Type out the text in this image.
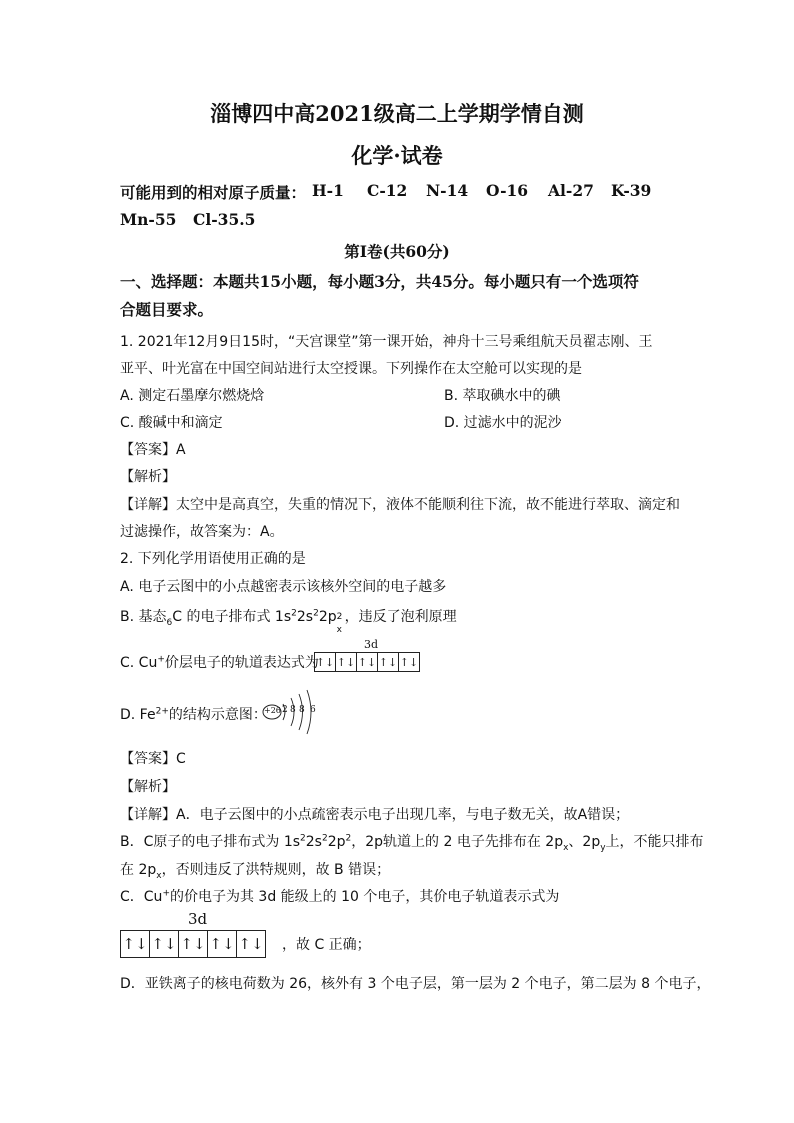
淄博四中高2021级高二上学期学情自测
化学·试卷
可能用到的相对原子质量： H-1 C-12 N-14 O-16 Al-27 K-39
Mn-55 Cl-35.5
第I卷(共60分)
一、选择题：本题共15小题，每小题3分，共45分。每小题只有一个选项符
合题目要求。
1. 2021年12月9日15时，“天宫课堂”第一课开始，神舟十三号乘组航天员翟志刚、王
亚平、叶光富在中国空间站进行太空授课。下列操作在太空舱可以实现的是
A. 测定石墨摩尔燃烧焓	B. 萃取碘水中的碘
C. 酸碱中和滴定	D. 过滤水中的泥沙
【答案】A
【解析】
【详解】太空中是高真空，失重的情况下，液体不能顺利往下流，故不能进行萃取、滴定和
过滤操作，故答案为：A。
2. 下列化学用语使用正确的是
A. 电子云图中的小点越密表示该核外空间的电子越多
B. 基态$_6$C 的电子排布式 $1s^22s^22p$ 2
x
，违反了泡利原理
C. Cu+价层电子的轨道表达式为
3d
↑↓ ↑↓ ↑↓ ↑↓ ↑↓
D. $Fe^{2+}$的结构示意图：
+26 2 8 8 6
【答案】C
【解析】
【详解】A．电子云图中的小点疏密表示电子出现几率，与电子数无关，故A错误；
B．C原子的电子排布式为 $1s^22s^22p^2$，2p轨道上的 2 电子先排布在 $2p_x$、$2p_y$上，不能只排布
在 $2p_x$，否则违反了洪特规则，故 B 错误；
C．Cu+的价电子为其 3d 能级上的 10 个电子，其价电子轨道表示式为
3d
↑↓ ↑↓ ↑↓ ↑↓ ↑↓ ，故 C 正确；
D．亚铁离子的核电荷数为 26，核外有 3 个电子层，第一层为 2 个电子，第二层为 8 个电子，
